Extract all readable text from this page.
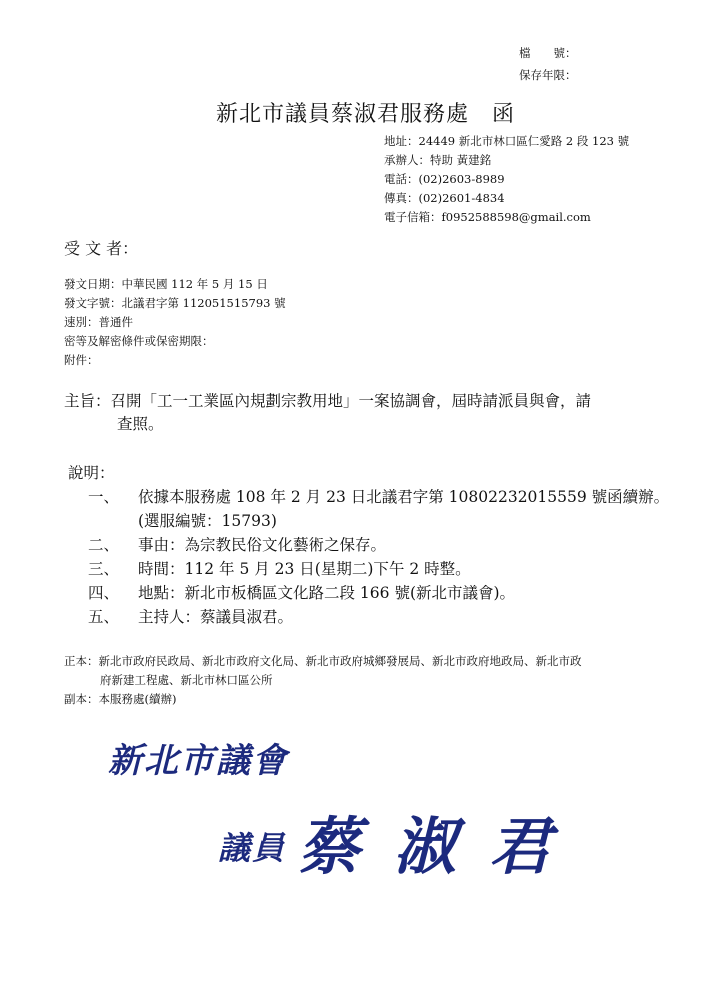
檔　　號：
保存年限：
新北市議員蔡淑君服務處　函
地址：24449 新北市林口區仁愛路 2 段 123 號
承辦人：特助 黃建銘
電話：(02)2603-8989
傳真：(02)2601-4834
電子信箱：f0952588598@gmail.com
受 文 者：
發文日期：中華民國 112 年 5 月 15 日
發文字號：北議君字第 112051515793 號
速別：普通件
密等及解密條件或保密期限：
附件：
主旨：召開「工一工業區內規劃宗教用地」一案協調會，屆時請派員與會，請
查照。
說明：
一、 依據本服務處 108 年 2 月 23 日北議君字第 10802232015559 號函續辦。
(選服編號：15793)
二、 事由：為宗教民俗文化藝術之保存。
三、 時間：112 年 5 月 23 日(星期二)下午 2 時整。
四、 地點：新北市板橋區文化路二段 166 號(新北市議會)。
五、 主持人：蔡議員淑君。
正本：新北市政府民政局、新北市政府文化局、新北市政府城鄉發展局、新北市政府地政局、新北市政
府新建工程處、新北市林口區公所
副本：本服務處(續辦)
新北市議會
議員 蔡 淑 君
